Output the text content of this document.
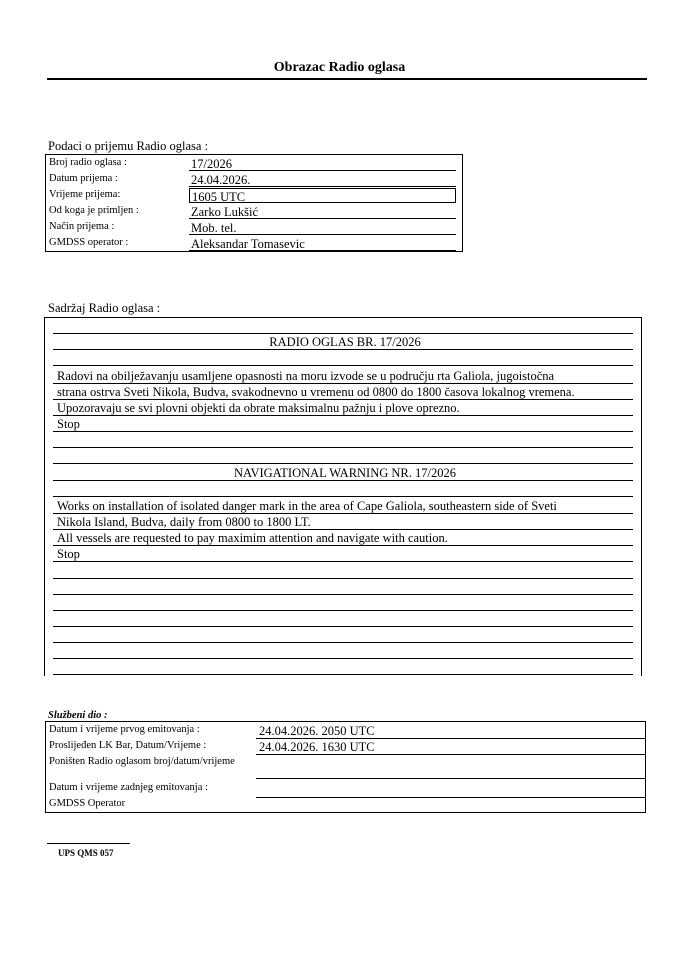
Obrazac Radio oglasa
Podaci o prijemu Radio oglasa :
Broj radio oglasa :	17/2026
Datum prijema :	24.04.2026.
Vrijeme prijema:	1605 UTC
Od koga je primljen :	Zarko Lukšić
Način prijema :	Mob. tel.
GMDSS operator :	Aleksandar Tomasevic
Sadržaj Radio oglasa :
RADIO OGLAS BR. 17/2026
Radovi na obilježavanju usamljene opasnosti na moru izvode se u području rta Galiola, jugoistočna
strana ostrva Sveti Nikola, Budva, svakodnevno u vremenu od 0800 do 1800 časova lokalnog vremena.
Upozoravaju se svi plovni objekti da obrate maksimalnu pažnju i plove oprezno.
Stop
NAVIGATIONAL WARNING NR. 17/2026
Works on installation of isolated danger mark in the area of Cape Galiola, southeastern side of Sveti
Nikola Island, Budva, daily from 0800 to 1800 LT.
All vessels are requested to pay maximim attention and navigate with caution.
Stop
Službeni dio :
Datum i vrijeme prvog emitovanja :	24.04.2026. 2050 UTC
Proslijeđen LK Bar, Datum/Vrijeme :	24.04.2026. 1630 UTC
Poništen Radio oglasom broj/datum/vrijeme
Datum i vrijeme zadnjeg emitovanja :
GMDSS Operator
UPS QMS 057
